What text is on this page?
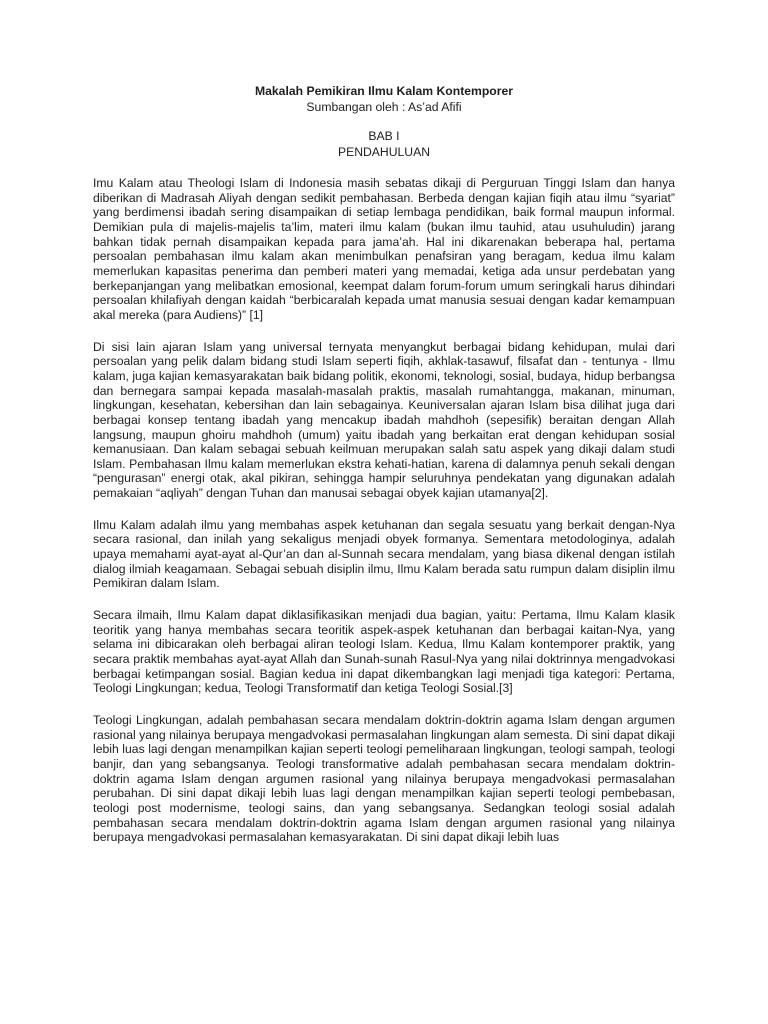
Makalah Pemikiran Ilmu Kalam Kontemporer
Sumbangan oleh : As’ad Afifi
BAB I
PENDAHULUAN

Imu Kalam atau Theologi Islam di Indonesia masih sebatas dikaji di Perguruan Tinggi Islam dan hanya diberikan di Madrasah Aliyah dengan sedikit pembahasan. Berbeda dengan kajian fiqih atau ilmu “syariat” yang berdimensi ibadah sering disampaikan di setiap lembaga pendidikan, baik formal maupun informal. Demikian pula di majelis-majelis ta’lim, materi ilmu kalam (bukan ilmu tauhid, atau usuhuludin) jarang bahkan tidak pernah disampaikan kepada para jama’ah. Hal ini dikarenakan beberapa hal, pertama persoalan pembahasan ilmu kalam akan menimbulkan penafsiran yang beragam, kedua ilmu kalam memerlukan kapasitas penerima dan pemberi materi yang memadai, ketiga ada unsur perdebatan yang berkepanjangan yang melibatkan emosional, keempat dalam forum-forum umum seringkali harus dihindari persoalan khilafiyah dengan kaidah “berbicaralah kepada umat manusia sesuai dengan kadar kemampuan akal mereka (para Audiens)” [1]

Di sisi lain ajaran Islam yang universal ternyata menyangkut berbagai bidang kehidupan, mulai dari persoalan yang pelik dalam bidang studi Islam seperti fiqih, akhlak-tasawuf, filsafat dan - tentunya - Ilmu kalam, juga kajian kemasyarakatan baik bidang politik, ekonomi, teknologi, sosial, budaya, hidup berbangsa dan bernegara sampai kepada masalah-masalah praktis, masalah rumahtangga, makanan, minuman, lingkungan, kesehatan, kebersihan dan lain sebagainya. Keuniversalan ajaran Islam bisa dilihat juga dari berbagai konsep tentang ibadah yang mencakup ibadah mahdhoh (sepesifik) beraitan dengan Allah langsung, maupun ghoiru mahdhoh (umum) yaitu ibadah yang berkaitan erat dengan kehidupan sosial kemanusiaan. Dan kalam sebagai sebuah keilmuan merupakan salah satu aspek yang dikaji dalam studi Islam. Pembahasan Ilmu kalam memerlukan ekstra kehati-hatian, karena di dalamnya penuh sekali dengan “pengurasan” energi otak, akal pikiran, sehingga hampir seluruhnya pendekatan yang digunakan adalah pemakaian “aqliyah” dengan Tuhan dan manusai sebagai obyek kajian utamanya[2].

Ilmu Kalam adalah ilmu yang membahas aspek ketuhanan dan segala sesuatu yang berkait dengan-Nya secara rasional, dan inilah yang sekaligus menjadi obyek formanya. Sementara metodologinya, adalah upaya memahami ayat-ayat al-Qur’an dan al-Sunnah secara mendalam, yang biasa dikenal dengan istilah dialog ilmiah keagamaan. Sebagai sebuah disiplin ilmu, Ilmu Kalam berada satu rumpun dalam disiplin ilmu Pemikiran dalam Islam.

Secara ilmaih, Ilmu Kalam dapat diklasifikasikan menjadi dua bagian, yaitu: Pertama, Ilmu Kalam klasik teoritik yang hanya membahas secara teoritik aspek-aspek ketuhanan dan berbagai kaitan-Nya, yang selama ini dibicarakan oleh berbagai aliran teologi Islam. Kedua, Ilmu Kalam kontemporer praktik, yang secara praktik membahas ayat-ayat Allah dan Sunah-sunah Rasul-Nya yang nilai doktrinnya mengadvokasi berbagai ketimpangan sosial. Bagian kedua ini dapat dikembangkan lagi menjadi tiga kategori: Pertama, Teologi Lingkungan; kedua, Teologi Transformatif dan ketiga Teologi Sosial.[3]

Teologi Lingkungan, adalah pembahasan secara mendalam doktrin-doktrin agama Islam dengan argumen rasional yang nilainya berupaya mengadvokasi permasalahan lingkungan alam semesta. Di sini dapat dikaji lebih luas lagi dengan menampilkan kajian seperti teologi pemeliharaan lingkungan, teologi sampah, teologi banjir, dan yang sebangsanya. Teologi transformative adalah pembahasan secara mendalam doktrin-doktrin agama Islam dengan argumen rasional yang nilainya berupaya mengadvokasi permasalahan perubahan. Di sini dapat dikaji lebih luas lagi dengan menampilkan kajian seperti teologi pembebasan, teologi post modernisme, teologi sains, dan yang sebangsanya. Sedangkan teologi sosial adalah pembahasan secara mendalam doktrin-doktrin agama Islam dengan argumen rasional yang nilainya berupaya mengadvokasi permasalahan kemasyarakatan. Di sini dapat dikaji lebih luas
